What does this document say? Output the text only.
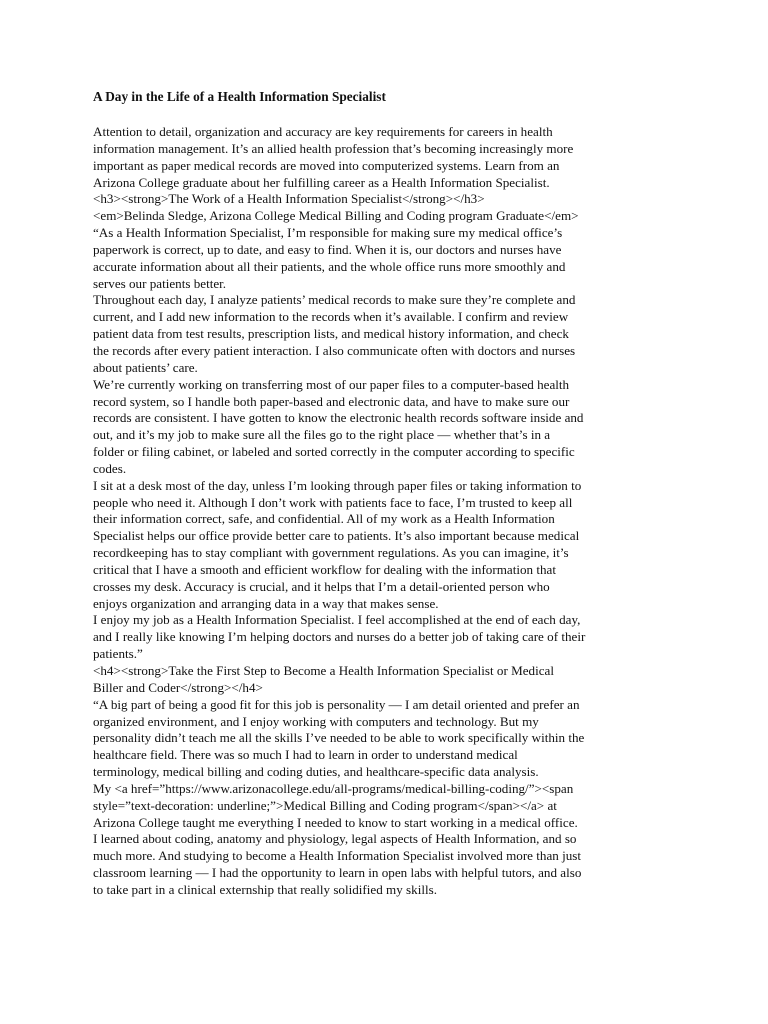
A Day in the Life of a Health Information Specialist
Attention to detail, organization and accuracy are key requirements for careers in health
information management. It’s an allied health profession that’s becoming increasingly more
important as paper medical records are moved into computerized systems. Learn from an
Arizona College graduate about her fulfilling career as a Health Information Specialist.
<h3><strong>The Work of a Health Information Specialist</strong></h3>
<em>Belinda Sledge, Arizona College Medical Billing and Coding program Graduate</em>
“As a Health Information Specialist, I’m responsible for making sure my medical office’s
paperwork is correct, up to date, and easy to find. When it is, our doctors and nurses have
accurate information about all their patients, and the whole office runs more smoothly and
serves our patients better.
Throughout each day, I analyze patients’ medical records to make sure they’re complete and
current, and I add new information to the records when it’s available. I confirm and review
patient data from test results, prescription lists, and medical history information, and check
the records after every patient interaction. I also communicate often with doctors and nurses
about patients’ care.
We’re currently working on transferring most of our paper files to a computer-based health
record system, so I handle both paper-based and electronic data, and have to make sure our
records are consistent. I have gotten to know the electronic health records software inside and
out, and it’s my job to make sure all the files go to the right place — whether that’s in a
folder or filing cabinet, or labeled and sorted correctly in the computer according to specific
codes.
I sit at a desk most of the day, unless I’m looking through paper files or taking information to
people who need it. Although I don’t work with patients face to face, I’m trusted to keep all
their information correct, safe, and confidential. All of my work as a Health Information
Specialist helps our office provide better care to patients. It’s also important because medical
recordkeeping has to stay compliant with government regulations. As you can imagine, it’s
critical that I have a smooth and efficient workflow for dealing with the information that
crosses my desk. Accuracy is crucial, and it helps that I’m a detail-oriented person who
enjoys organization and arranging data in a way that makes sense.
I enjoy my job as a Health Information Specialist. I feel accomplished at the end of each day,
and I really like knowing I’m helping doctors and nurses do a better job of taking care of their
patients.”
<h4><strong>Take the First Step to Become a Health Information Specialist or Medical
Biller and Coder</strong></h4>
“A big part of being a good fit for this job is personality — I am detail oriented and prefer an
organized environment, and I enjoy working with computers and technology. But my
personality didn’t teach me all the skills I’ve needed to be able to work specifically within the
healthcare field. There was so much I had to learn in order to understand medical
terminology, medical billing and coding duties, and healthcare-specific data analysis.
My <a href=”https://www.arizonacollege.edu/all-programs/medical-billing-coding/”><span
style=”text-decoration: underline;”>Medical Billing and Coding program</span></a> at
Arizona College taught me everything I needed to know to start working in a medical office.
I learned about coding, anatomy and physiology, legal aspects of Health Information, and so
much more. And studying to become a Health Information Specialist involved more than just
classroom learning — I had the opportunity to learn in open labs with helpful tutors, and also
to take part in a clinical externship that really solidified my skills.
